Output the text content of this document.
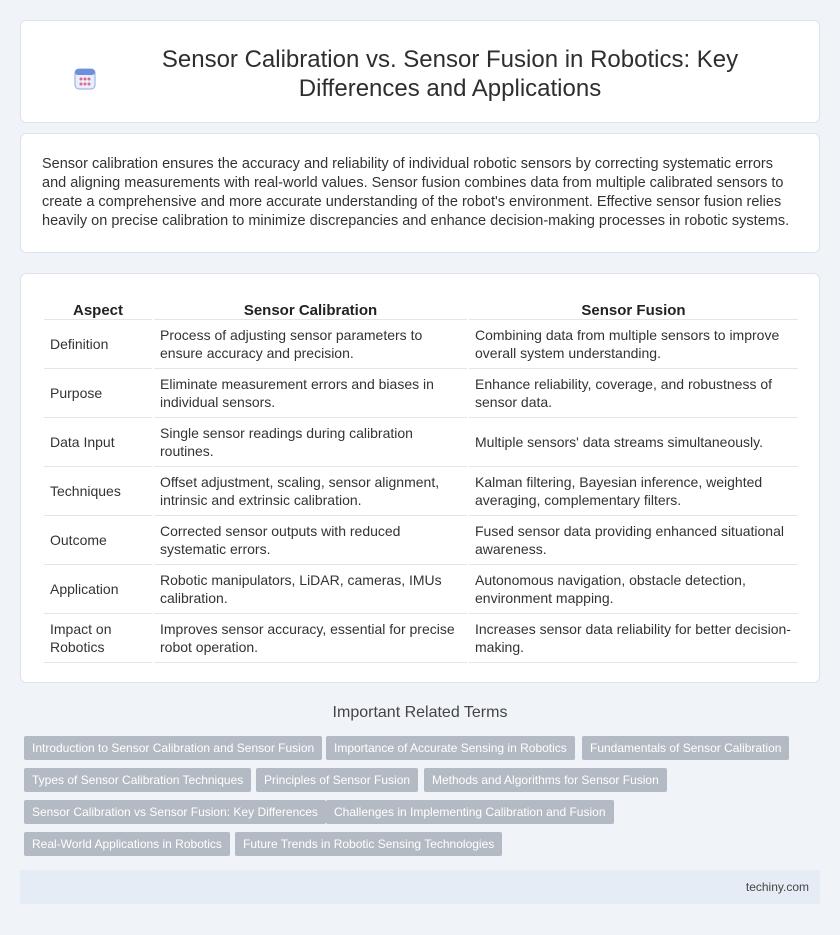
Sensor Calibration vs. Sensor Fusion in Robotics: Key Differences and Applications

Sensor calibration ensures the accuracy and reliability of individual robotic sensors by correcting systematic errors and aligning measurements with real-world values. Sensor fusion combines data from multiple calibrated sensors to create a comprehensive and more accurate understanding of the robot's environment. Effective sensor fusion relies heavily on precise calibration to minimize discrepancies and enhance decision-making processes in robotic systems.

Aspect	Sensor Calibration	Sensor Fusion
Definition	Process of adjusting sensor parameters to ensure accuracy and precision.	Combining data from multiple sensors to improve overall system understanding.
Purpose	Eliminate measurement errors and biases in individual sensors.	Enhance reliability, coverage, and robustness of sensor data.
Data Input	Single sensor readings during calibration routines.	Multiple sensors' data streams simultaneously.
Techniques	Offset adjustment, scaling, sensor alignment, intrinsic and extrinsic calibration.	Kalman filtering, Bayesian inference, weighted averaging, complementary filters.
Outcome	Corrected sensor outputs with reduced systematic errors.	Fused sensor data providing enhanced situational awareness.
Application	Robotic manipulators, LiDAR, cameras, IMUs calibration.	Autonomous navigation, obstacle detection, environment mapping.
Impact on Robotics	Improves sensor accuracy, essential for precise robot operation.	Increases sensor data reliability for better decision-making.
Important Related Terms
Introduction to Sensor Calibration and Sensor Fusion	Importance of Accurate Sensing in Robotics	Fundamentals of Sensor Calibration
Types of Sensor Calibration Techniques	Principles of Sensor Fusion	Methods and Algorithms for Sensor Fusion
Sensor Calibration vs Sensor Fusion: Key Differences	Challenges in Implementing Calibration and Fusion
Real-World Applications in Robotics	Future Trends in Robotic Sensing Technologies
techiny.com
